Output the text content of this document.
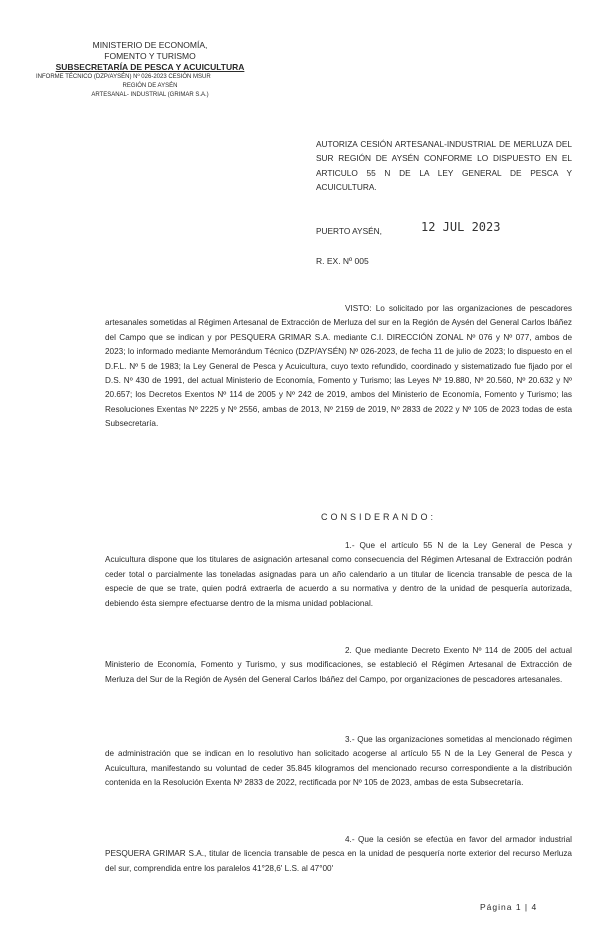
MINISTERIO DE ECONOMÍA,
FOMENTO Y TURISMO
SUBSECRETARÍA DE PESCA Y ACUICULTURA
INFORME TÉCNICO (DZP/AYSÉN) Nº 026-2023 CESIÓN MSUR
REGIÓN DE AYSÉN
ARTESANAL- INDUSTRIAL (GRIMAR S.A.)
AUTORIZA CESIÓN ARTESANAL-INDUSTRIAL DE MERLUZA DEL SUR REGIÓN DE AYSÉN CONFORME LO DISPUESTO EN EL ARTICULO 55 N DE LA LEY GENERAL DE PESCA Y ACUICULTURA.
PUERTO AYSÉN,	12 JUL 2023
R. EX. Nº 005
VISTO: Lo solicitado por las organizaciones de pescadores artesanales sometidas al Régimen Artesanal de Extracción de Merluza del sur en la Región de Aysén del General Carlos Ibáñez del Campo que se indican y por PESQUERA GRIMAR S.A. mediante C.I. DIRECCIÓN ZONAL Nº 076 y Nº 077, ambos de 2023; lo informado mediante Memorándum Técnico (DZP/AYSÉN) Nº 026-2023, de fecha 11 de julio de 2023; lo dispuesto en el D.F.L. Nº 5 de 1983; la Ley General de Pesca y Acuicultura, cuyo texto refundido, coordinado y sistematizado fue fijado por el D.S. Nº 430 de 1991, del actual Ministerio de Economía, Fomento y Turismo; las Leyes Nº 19.880, Nº 20.560, Nº 20.632 y Nº 20.657; los Decretos Exentos Nº 114 de 2005 y Nº 242 de 2019, ambos del Ministerio de Economía, Fomento y Turismo; las Resoluciones Exentas Nº 2225 y Nº 2556, ambas de 2013, Nº 2159 de 2019, Nº 2833 de 2022 y Nº 105 de 2023 todas de esta Subsecretaría.
CONSIDERANDO:
1.- Que el artículo 55 N de la Ley General de Pesca y Acuicultura dispone que los titulares de asignación artesanal como consecuencia del Régimen Artesanal de Extracción podrán ceder total o parcialmente las toneladas asignadas para un año calendario a un titular de licencia transable de pesca de la especie de que se trate, quien podrá extraerla de acuerdo a su normativa y dentro de la unidad de pesquería autorizada, debiendo ésta siempre efectuarse dentro de la misma unidad poblacional.
2. Que mediante Decreto Exento Nº 114 de 2005 del actual Ministerio de Economía, Fomento y Turismo, y sus modificaciones, se estableció el Régimen Artesanal de Extracción de Merluza del Sur de la Región de Aysén del General Carlos Ibáñez del Campo, por organizaciones de pescadores artesanales.
3.- Que las organizaciones sometidas al mencionado régimen de administración que se indican en lo resolutivo han solicitado acogerse al artículo 55 N de la Ley General de Pesca y Acuicultura, manifestando su voluntad de ceder 35.845 kilogramos del mencionado recurso correspondiente a la distribución contenida en la Resolución Exenta Nº 2833 de 2022, rectificada por Nº 105 de 2023, ambas de esta Subsecretaría.
4.- Que la cesión se efectúa en favor del armador industrial PESQUERA GRIMAR S.A., titular de licencia transable de pesca en la unidad de pesquería norte exterior del recurso Merluza del sur, comprendida entre los paralelos 41°28,6' L.S. al 47°00'
Página 1 | 4
